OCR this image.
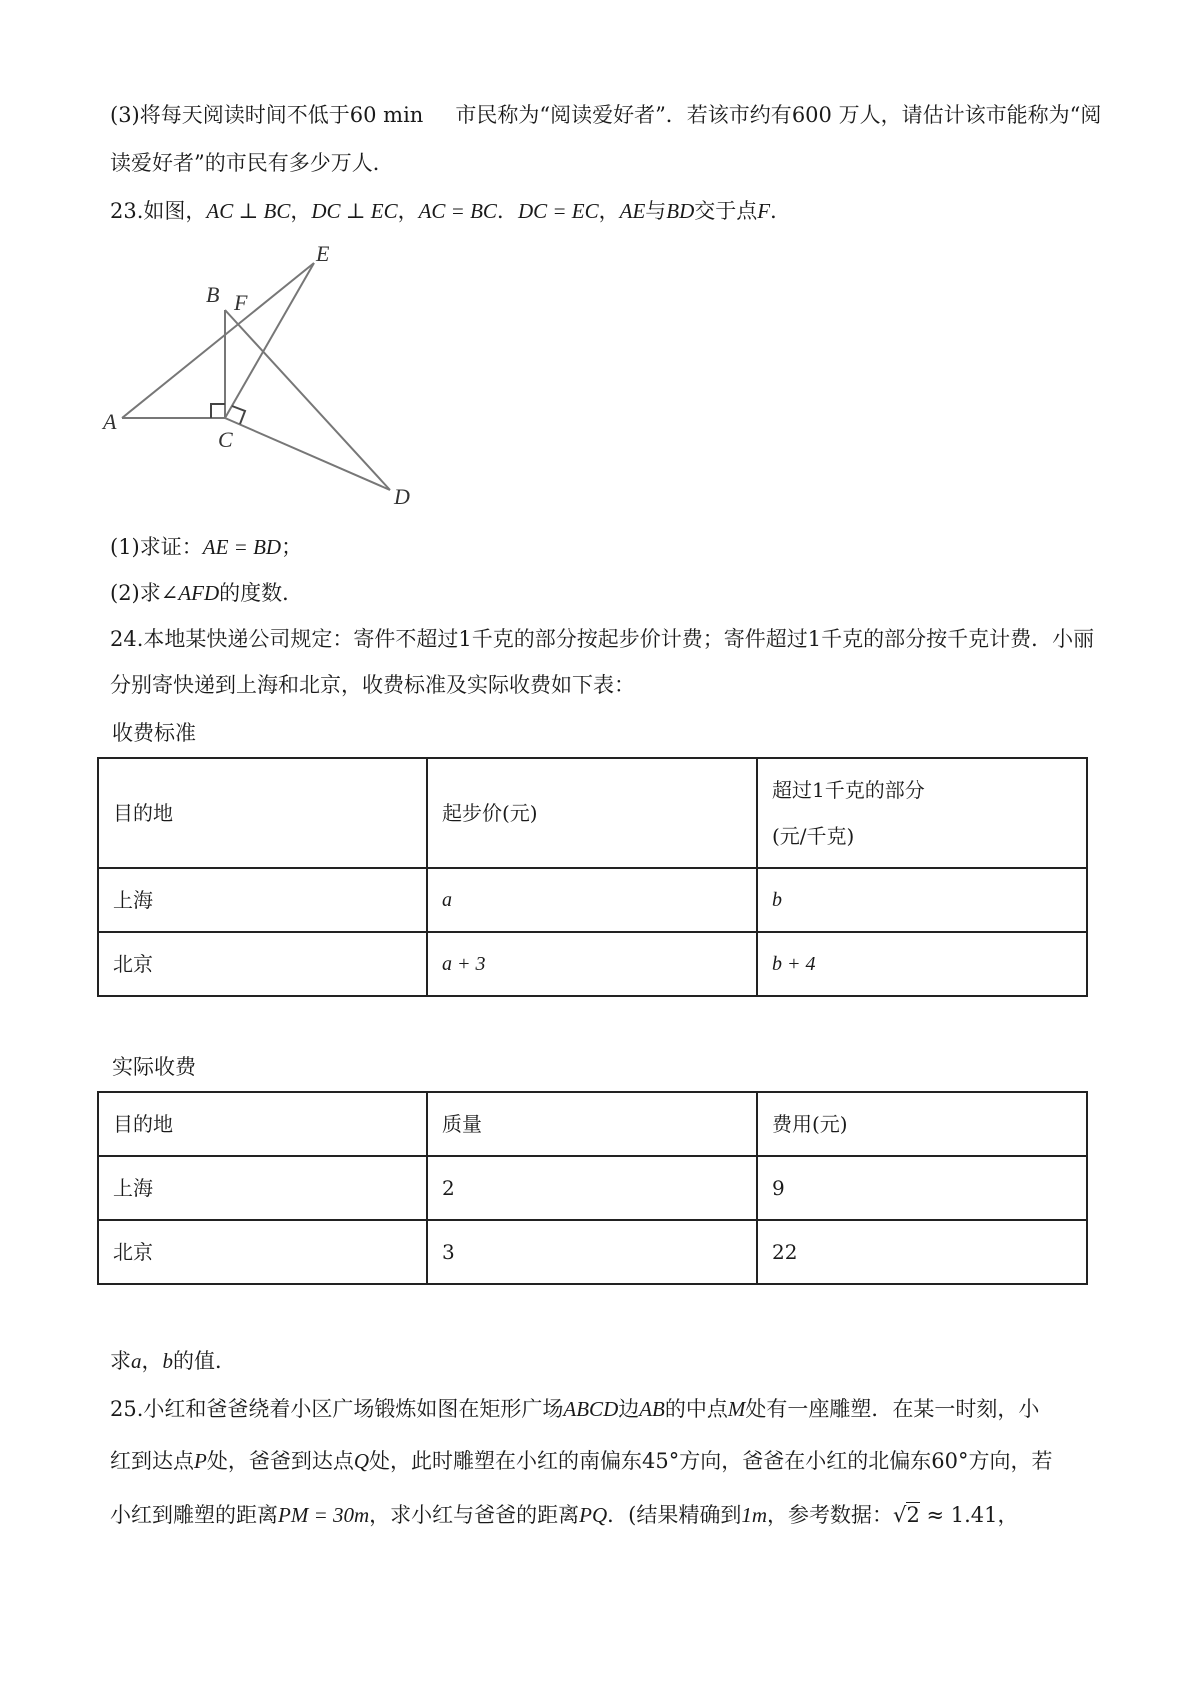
(3)将每天阅读时间不低于60 min 市民称为“阅读爱好者”．若该市约有600 万人，请估计该市能称为“阅
读爱好者”的市民有多少万人．
23.如图，AC ⊥ BC，DC ⊥ EC，AC = BC．DC = EC，AE与BD交于点F．
A
B
C
D
E
F
(1)求证：AE = BD；
(2)求∠AFD的度数．
24.本地某快递公司规定：寄件不超过1千克的部分按起步价计费；寄件超过1千克的部分按千克计费．小丽
分别寄快递到上海和北京，收费标准及实际收费如下表：
收费标准
目的地	起步价(元)	超过1千克的部分
(元/千克)

上海	a	b
北京	a + 3	b + 4
实际收费
目的地	质量	费用(元)
上海	2	9
北京	3	22
求a，b的值．
25.小红和爸爸绕着小区广场锻炼如图在矩形广场ABCD边AB的中点M处有一座雕塑．在某一时刻，小
红到达点P处，爸爸到达点Q处，此时雕塑在小红的南偏东45°方向，爸爸在小红的北偏东60°方向，若
小红到雕塑的距离PM = 30m，求小红与爸爸的距离PQ．(结果精确到1m，参考数据：√2 ≈ 1.41，
